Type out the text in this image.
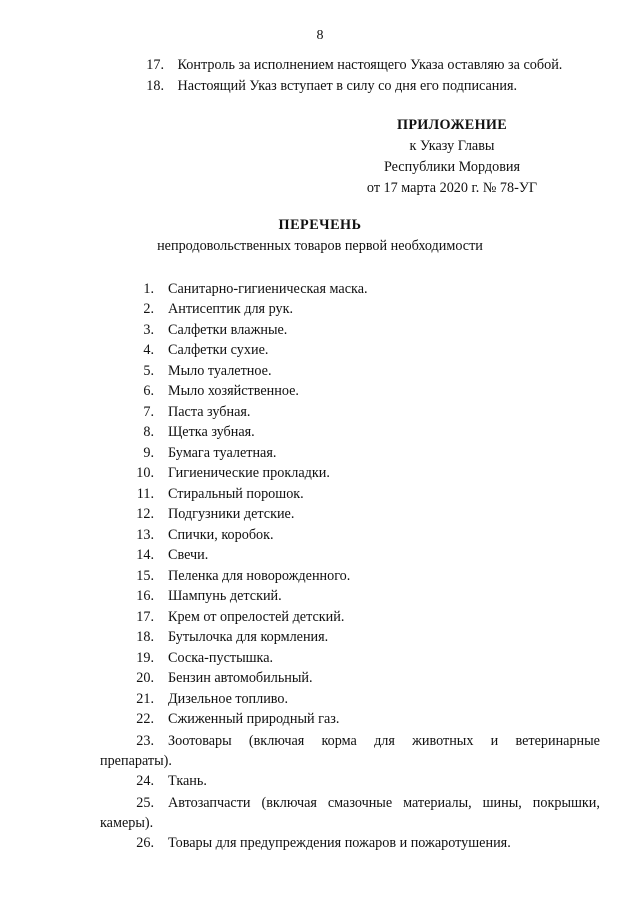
8
17. Контроль за исполнением настоящего Указа оставляю за собой.
18. Настоящий Указ вступает в силу со дня его подписания.
ПРИЛОЖЕНИЕ
к Указу Главы
Республики Мордовия
от 17 марта 2020 г. № 78-УГ
ПЕРЕЧЕНЬ
непродовольственных товаров первой необходимости
1. Санитарно-гигиеническая маска.
2. Антисептик для рук.
3. Салфетки влажные.
4. Салфетки сухие.
5. Мыло туалетное.
6. Мыло хозяйственное.
7. Паста зубная.
8. Щетка зубная.
9. Бумага туалетная.
10. Гигиенические прокладки.
11. Стиральный порошок.
12. Подгузники детские.
13. Спички, коробок.
14. Свечи.
15. Пеленка для новорожденного.
16. Шампунь детский.
17. Крем от опрелостей детский.
18. Бутылочка для кормления.
19. Соска-пустышка.
20. Бензин автомобильный.
21. Дизельное топливо.
22. Сжиженный природный газ.
23. Зоотовары (включая корма для животных и ветеринарные
препараты).
24. Ткань.
25. Автозапчасти (включая смазочные материалы, шины, покрышки,
камеры).
26. Товары для предупреждения пожаров и пожаротушения.
